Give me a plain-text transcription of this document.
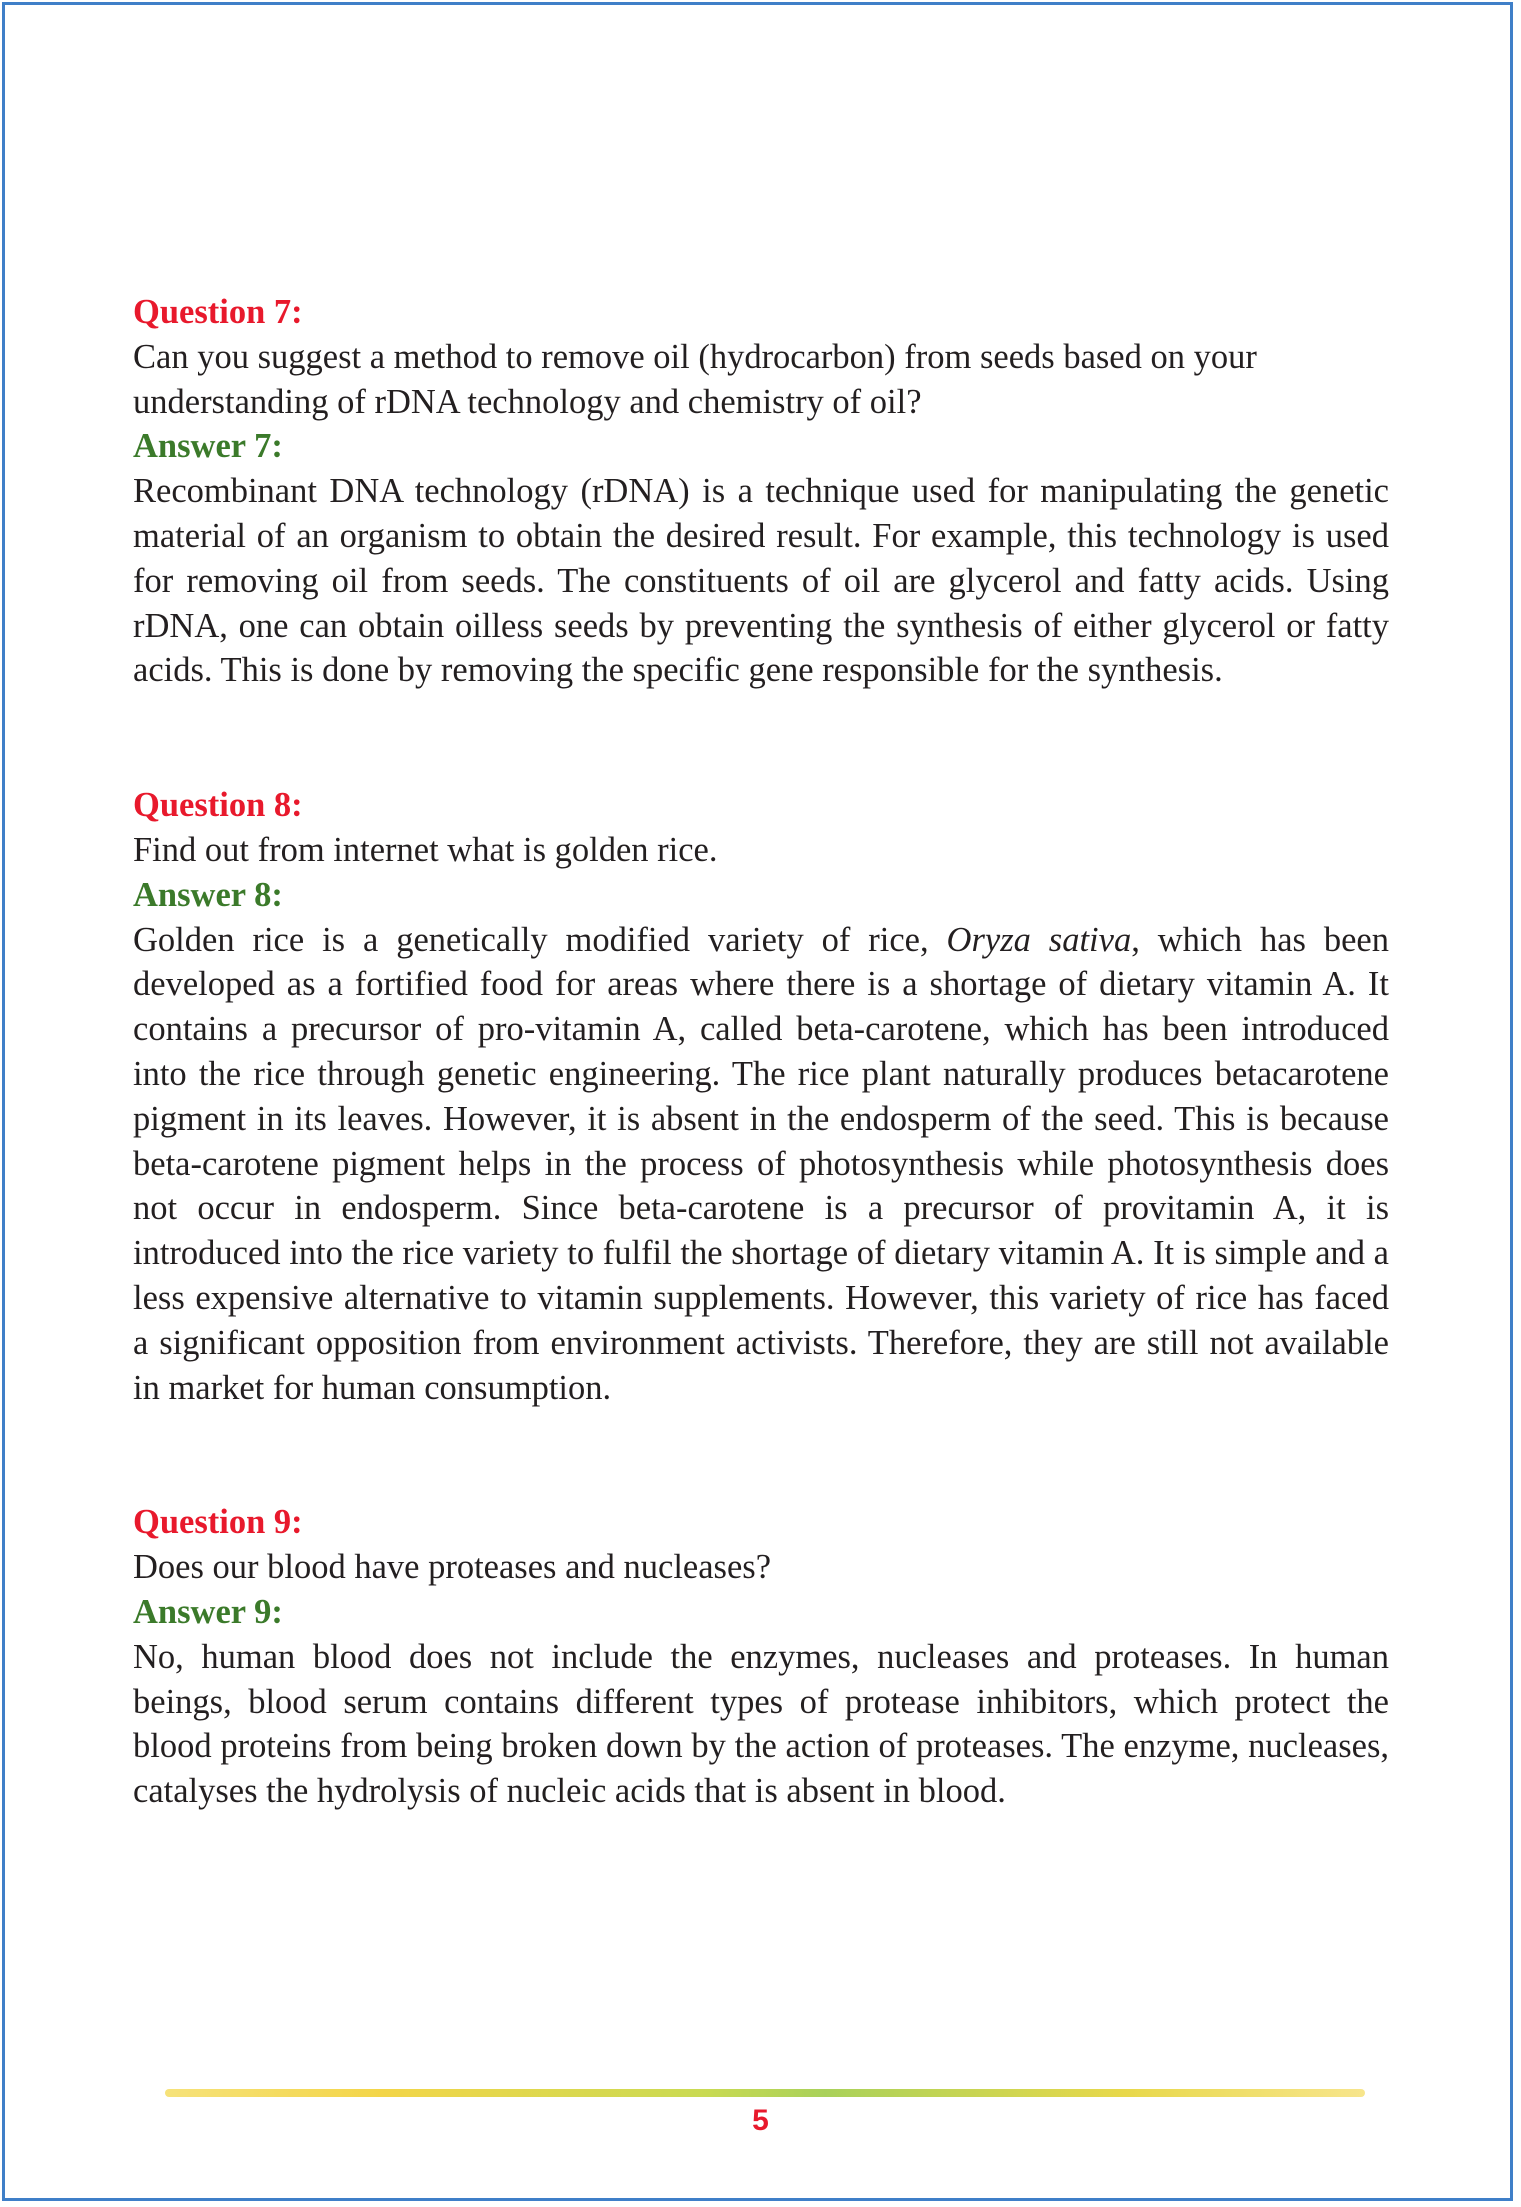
Question 7:

Can you suggest a method to remove oil (hydrocarbon) from seeds based on your understanding of rDNA technology and chemistry of oil?

Answer 7:

Recombinant DNA technology (rDNA) is a technique used for manipulating the genetic material of an organism to obtain the desired result. For example, this technology is used for removing oil from seeds. The constituents of oil are glycerol and fatty acids. Using rDNA, one can obtain oilless seeds by preventing the synthesis of either glycerol or fatty acids. This is done by removing the specific gene responsible for the synthesis.

Question 8:

Find out from internet what is golden rice.

Answer 8:

Golden rice is a genetically modified variety of rice, Oryza sativa, which has been developed as a fortified food for areas where there is a shortage of dietary vitamin A. It contains a precursor of pro-vitamin A, called beta-carotene, which has been introduced into the rice through genetic engineering. The rice plant naturally produces betacarotene pigment in its leaves. However, it is absent in the endosperm of the seed. This is because beta-carotene pigment helps in the process of photosynthesis while photosynthesis does not occur in endosperm. Since beta-carotene is a precursor of provitamin A, it is introduced into the rice variety to fulfil the shortage of dietary vitamin A. It is simple and a less expensive alternative to vitamin supplements. However, this variety of rice has faced a significant opposition from environment activists. Therefore, they are still not available in market for human consumption.

Question 9:

Does our blood have proteases and nucleases?

Answer 9:

No, human blood does not include the enzymes, nucleases and proteases. In human beings, blood serum contains different types of protease inhibitors, which protect the blood proteins from being broken down by the action of proteases. The enzyme, nucleases, catalyses the hydrolysis of nucleic acids that is absent in blood.

5
